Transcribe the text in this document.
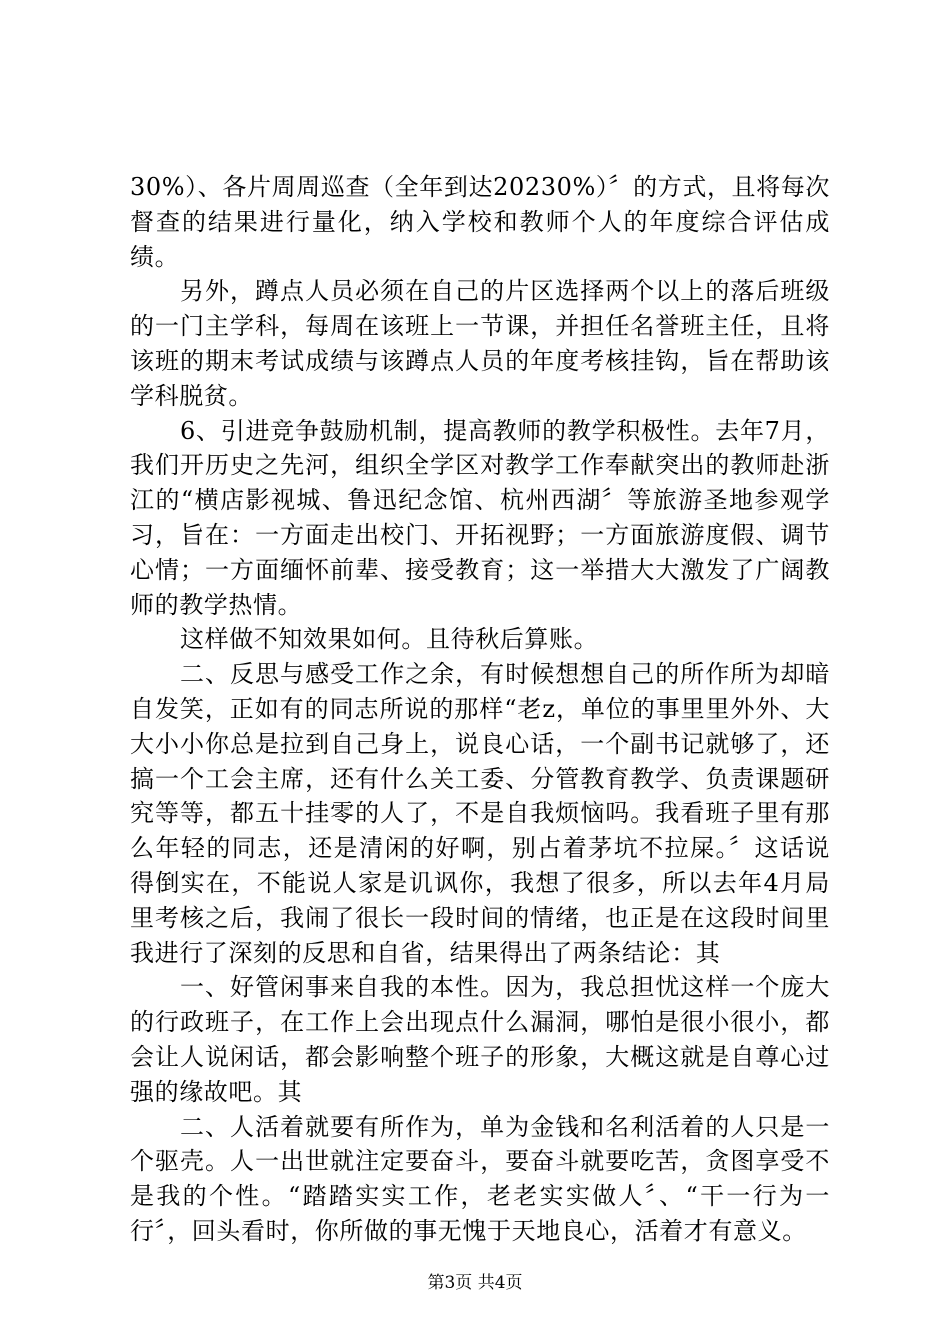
30%）、各片周周巡查（全年到达20230%）〞的方式，且将每次督查的结果进行量化，纳入学校和教师个人的年度综合评估成绩。

另外，蹲点人员必须在自己的片区选择两个以上的落后班级的一门主学科，每周在该班上一节课，并担任名誉班主任，且将该班的期末考试成绩与该蹲点人员的年度考核挂钩，旨在帮助该学科脱贫。

6、引进竞争鼓励机制，提高教师的教学积极性。去年7月，我们开历史之先河，组织全学区对教学工作奉献突出的教师赴浙江的“横店影视城、鲁迅纪念馆、杭州西湖〞等旅游圣地参观学习，旨在：一方面走出校门、开拓视野；一方面旅游度假、调节心情；一方面缅怀前辈、接受教育；这一举措大大激发了广阔教师的教学热情。

这样做不知效果如何。且待秋后算账。

二、反思与感受工作之余，有时候想想自己的所作所为却暗自发笑，正如有的同志所说的那样“老z，单位的事里里外外、大大小小你总是拉到自己身上，说良心话，一个副书记就够了，还搞一个工会主席，还有什么关工委、分管教育教学、负责课题研究等等，都五十挂零的人了，不是自我烦恼吗。我看班子里有那么年轻的同志，还是清闲的好啊，别占着茅坑不拉屎。〞这话说得倒实在，不能说人家是讥讽你，我想了很多，所以去年4月局里考核之后，我闹了很长一段时间的情绪，也正是在这段时间里我进行了深刻的反思和自省，结果得出了两条结论：其

一、好管闲事来自我的本性。因为，我总担忧这样一个庞大的行政班子，在工作上会出现点什么漏洞，哪怕是很小很小，都会让人说闲话，都会影响整个班子的形象，大概这就是自尊心过强的缘故吧。其

二、人活着就要有所作为，单为金钱和名利活着的人只是一个驱壳。人一出世就注定要奋斗，要奋斗就要吃苦，贪图享受不是我的个性。“踏踏实实工作，老老实实做人〞、“干一行为一行〞，回头看时，你所做的事无愧于天地良心，活着才有意义。

第3页 共4页
